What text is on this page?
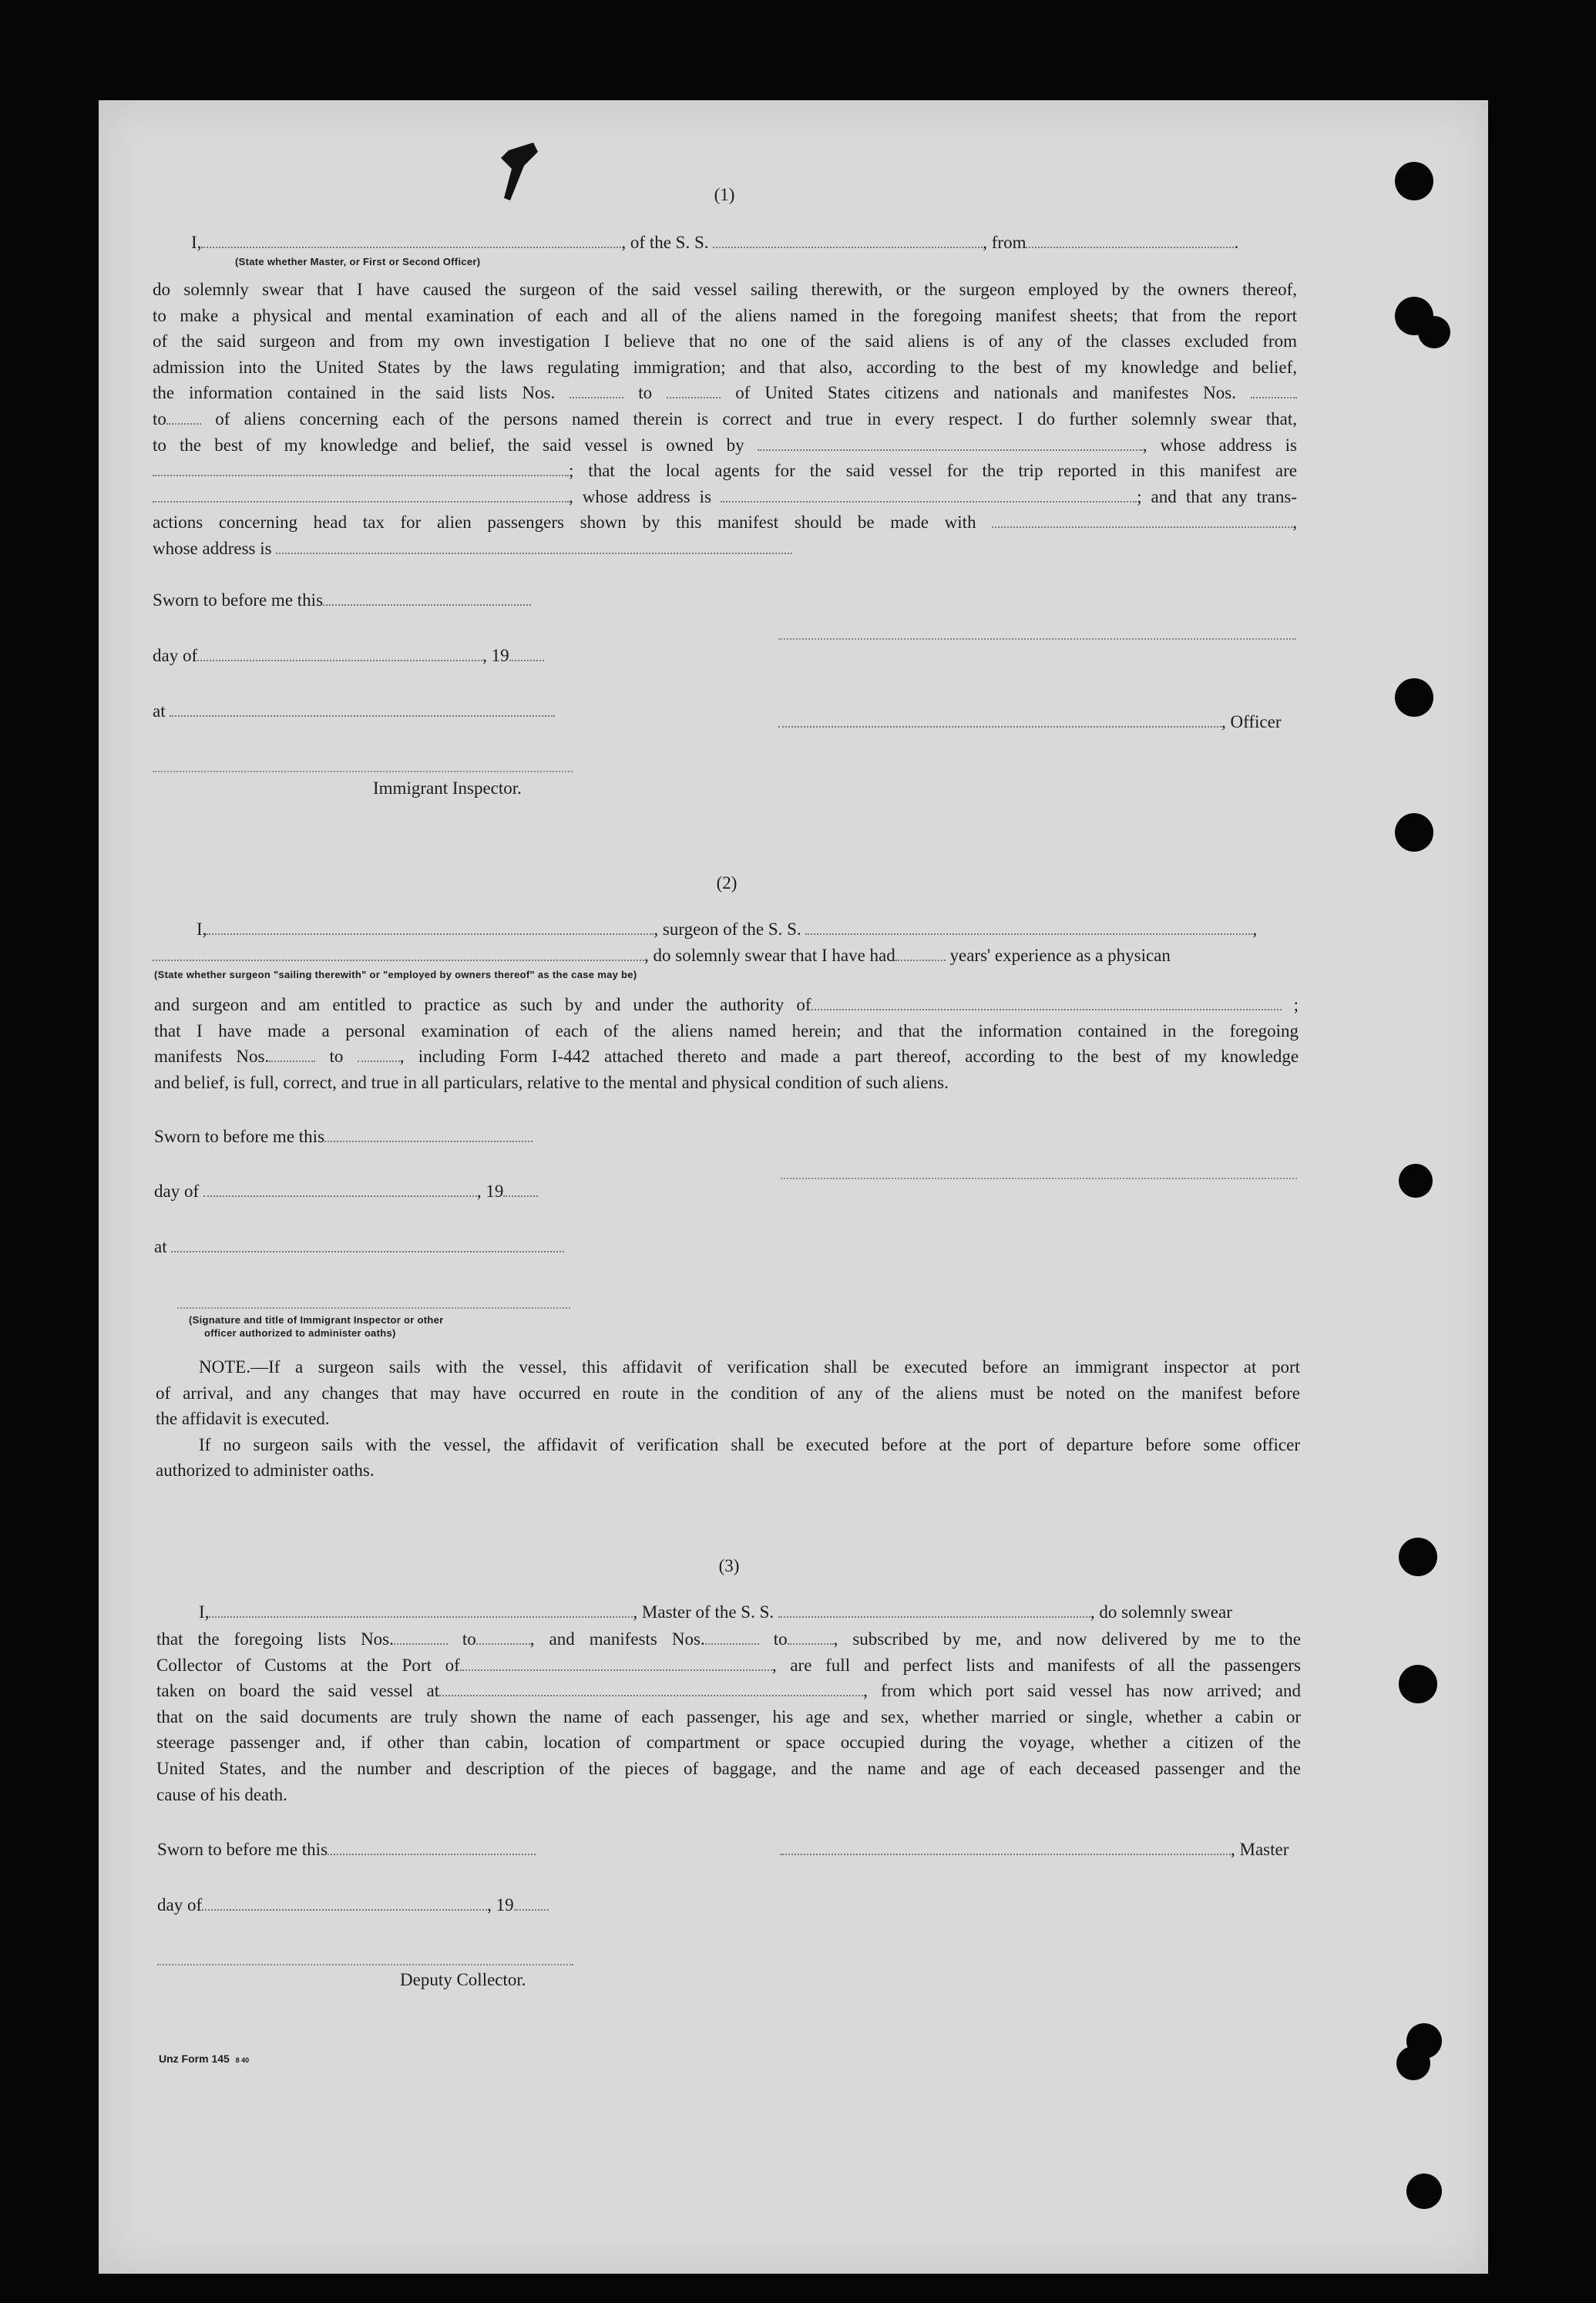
(1)
I,	, of the S. S.	, from	.
(State whether Master, or First or Second Officer)
do solemnly swear that I have caused the surgeon of the said vessel sailing therewith, or the surgeon employed by the owners thereof,
to make a physical and mental examination of each and all of the aliens named in the foregoing manifest sheets; that from the report
of the said surgeon and from my own investigation I believe that no one of the said aliens is of any of the classes excluded from
admission into the United States by the laws regulating immigration; and that also, according to the best of my knowledge and belief,
the information contained in the said lists Nos.	to	of United States citizens and nationals and manifestes Nos.
to	of aliens concerning each of the persons named therein is correct and true in every respect. I do further solemnly swear that,
to the best of my knowledge and belief, the said vessel is owned by	, whose address is
; that the local agents for the said vessel for the trip reported in this manifest are
, whose address is	; and that any trans-
actions concerning head tax for alien passengers shown by this manifest should be made with	,
whose address is
Sworn to before me this
day of	, 19
at
, Officer
Immigrant Inspector.
(2)
I,	, surgeon of the S. S.	,
, do solemnly swear that I have had	years' experience as a physican
(State whether surgeon "sailing therewith" or "employed by owners thereof" as the case may be)
and surgeon and am entitled to practice as such by and under the authority of	;
that I have made a personal examination of each of the aliens named herein; and that the information contained in the foregoing
manifests Nos.	to	, including Form I-442 attached thereto and made a part thereof, according to the best of my knowledge
and belief, is full, correct, and true in all particulars, relative to the mental and physical condition of such aliens.
Sworn to before me this
day of	, 19
at
(Signature and title of Immigrant Inspector or other
officer authorized to administer oaths)
NOTE.—If a surgeon sails with the vessel, this affidavit of verification shall be executed before an immigrant inspector at port
of arrival, and any changes that may have occurred en route in the condition of any of the aliens must be noted on the manifest before
the affidavit is executed.
If no surgeon sails with the vessel, the affidavit of verification shall be executed before at the port of departure before some officer
authorized to administer oaths.
(3)
I,	, Master of the S. S.	, do solemnly swear
that the foregoing lists Nos.	to	, and manifests Nos.	to	, subscribed by me, and now delivered by me to the
Collector of Customs at the Port of	, are full and perfect lists and manifests of all the passengers
taken on board the said vessel at	, from which port said vessel has now arrived; and
that on the said documents are truly shown the name of each passenger, his age and sex, whether married or single, whether a cabin or
steerage passenger and, if other than cabin, location of compartment or space occupied during the voyage, whether a citizen of the
United States, and the number and description of the pieces of baggage, and the name and age of each deceased passenger and the
cause of his death.
Sworn to before me this	, Master
day of	, 19
Deputy Collector.
Unz Form 145 8 40
